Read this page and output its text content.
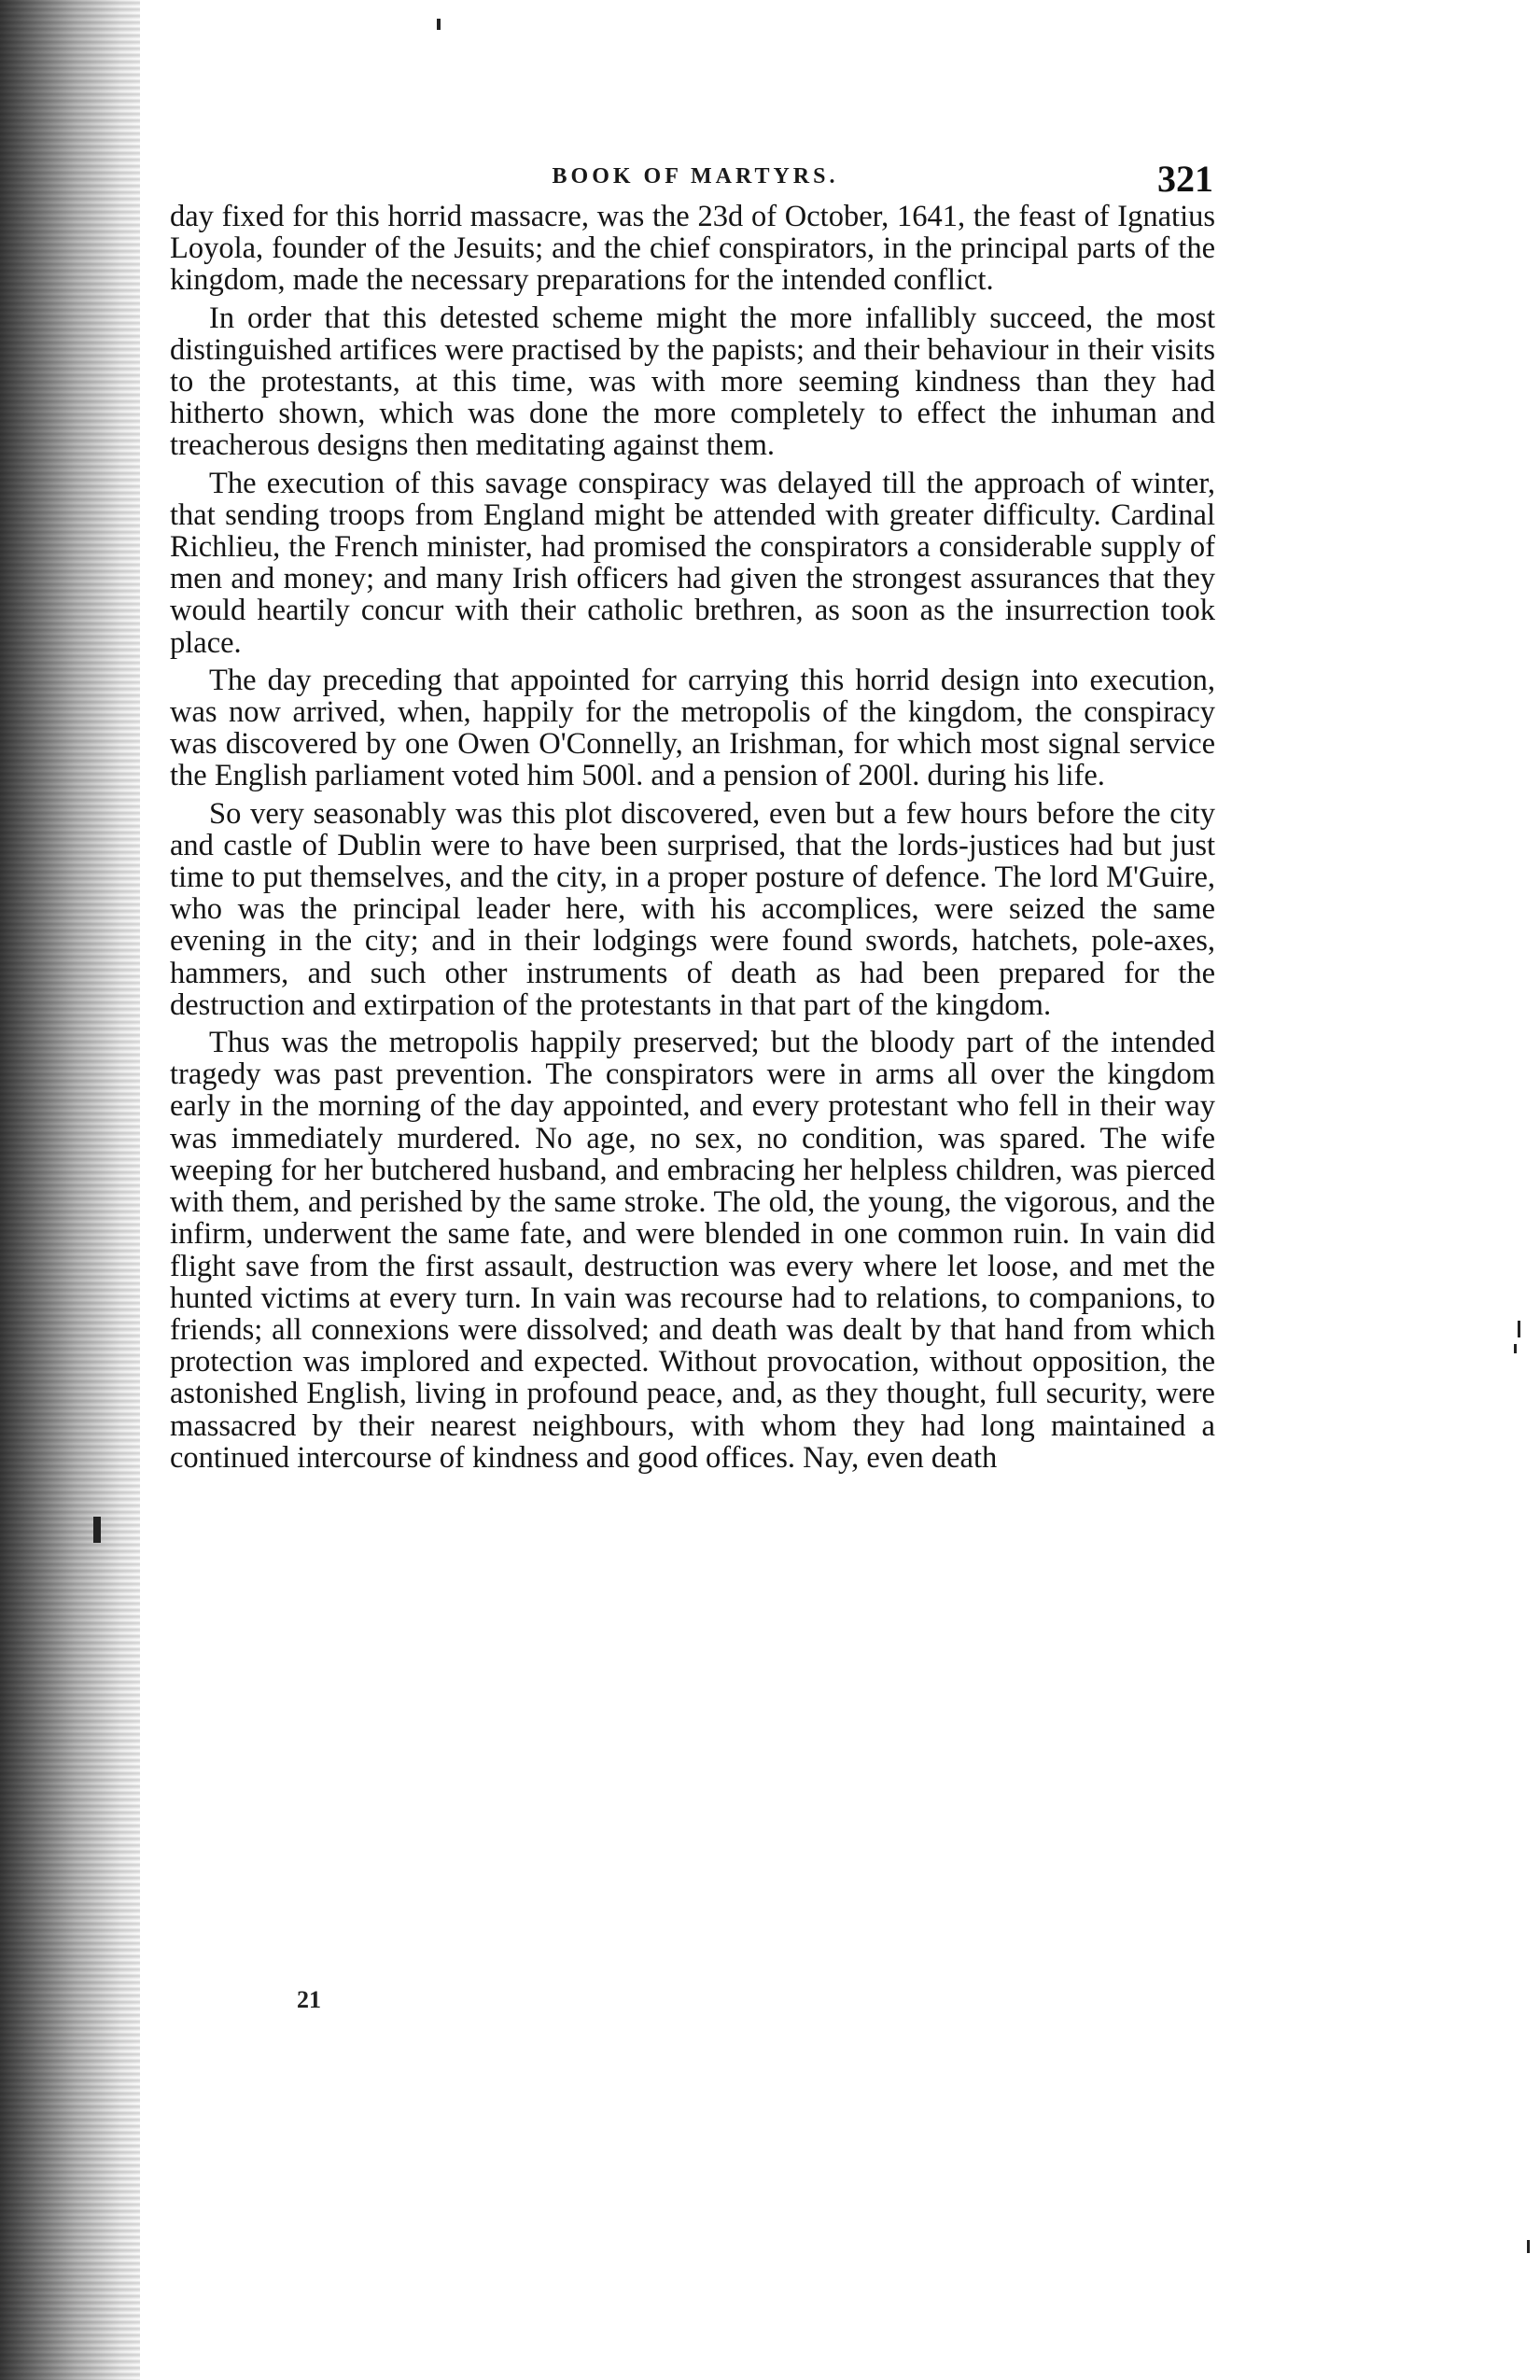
BOOK OF MARTYRS.	321

day fixed for this horrid massacre, was the 23d of October, 1641, the feast of Ignatius Loyola, founder of the Jesuits; and the chief conspirators, in the principal parts of the kingdom, made the necessary preparations for the intended conflict.

In order that this detested scheme might the more infallibly succeed, the most distinguished artifices were practised by the papists; and their behaviour in their visits to the protestants, at this time, was with more seeming kindness than they had hitherto shown, which was done the more completely to effect the inhuman and treacherous designs then meditating against them.

The execution of this savage conspiracy was delayed till the approach of winter, that sending troops from England might be attended with greater difficulty. Cardinal Richlieu, the French minister, had promised the conspirators a considerable supply of men and money; and many Irish officers had given the strongest assurances that they would heartily concur with their catholic brethren, as soon as the insurrection took place.

The day preceding that appointed for carrying this horrid design into execution, was now arrived, when, happily for the metropolis of the kingdom, the conspiracy was discovered by one Owen O'Connelly, an Irishman, for which most signal service the English parliament voted him 500l. and a pension of 200l. during his life.

So very seasonably was this plot discovered, even but a few hours before the city and castle of Dublin were to have been surprised, that the lords-justices had but just time to put themselves, and the city, in a proper posture of defence. The lord M'Guire, who was the principal leader here, with his accomplices, were seized the same evening in the city; and in their lodgings were found swords, hatchets, pole-axes, hammers, and such other instruments of death as had been prepared for the destruction and extirpation of the protestants in that part of the kingdom.

Thus was the metropolis happily preserved; but the bloody part of the intended tragedy was past prevention. The conspirators were in arms all over the kingdom early in the morning of the day appointed, and every protestant who fell in their way was immediately murdered. No age, no sex, no condition, was spared. The wife weeping for her butchered husband, and embracing her helpless children, was pierced with them, and perished by the same stroke. The old, the young, the vigorous, and the infirm, underwent the same fate, and were blended in one common ruin. In vain did flight save from the first assault, destruction was every where let loose, and met the hunted victims at every turn. In vain was recourse had to relations, to companions, to friends; all connexions were dissolved; and death was dealt by that hand from which protection was implored and expected. Without provocation, without opposition, the astonished English, living in profound peace, and, as they thought, full security, were massacred by their nearest neighbours, with whom they had long maintained a continued intercourse of kindness and good offices. Nay, even death

21
